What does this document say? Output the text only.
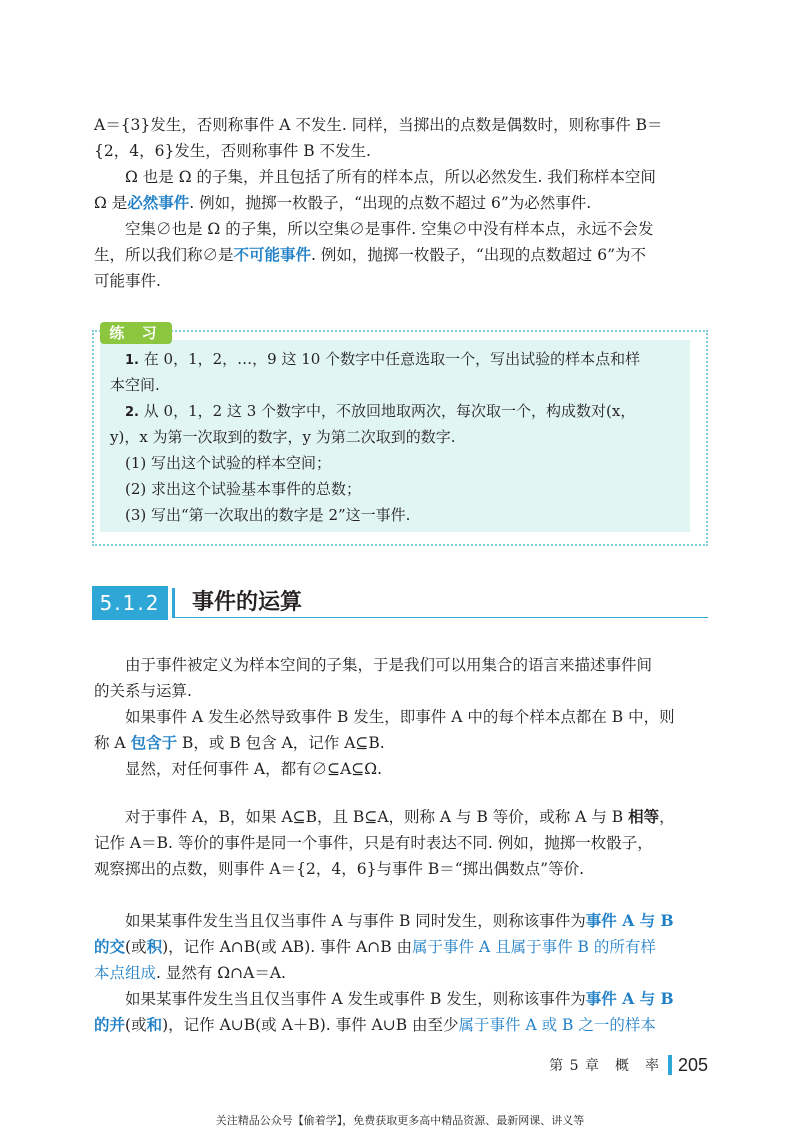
A＝{3}发生，否则称事件 A 不发生. 同样，当掷出的点数是偶数时，则称事件 B＝
{2，4，6}发生，否则称事件 B 不发生.
Ω 也是 Ω 的子集，并且包括了所有的样本点，所以必然发生. 我们称样本空间
Ω 是必然事件. 例如，抛掷一枚骰子，“出现的点数不超过 6”为必然事件.
空集∅也是 Ω 的子集，所以空集∅是事件. 空集∅中没有样本点，永远不会发
生，所以我们称∅是不可能事件. 例如，抛掷一枚骰子，“出现的点数超过 6”为不
可能事件.
练 习
1. 在 0，1，2，…，9 这 10 个数字中任意选取一个，写出试验的样本点和样
本空间.
2. 从 0，1，2 这 3 个数字中，不放回地取两次，每次取一个，构成数对(x，
y)，x 为第一次取到的数字，y 为第二次取到的数字.
(1) 写出这个试验的样本空间；
(2) 求出这个试验基本事件的总数；
(3) 写出“第一次取出的数字是 2”这一事件.
5.1.2	事件的运算
由于事件被定义为样本空间的子集，于是我们可以用集合的语言来描述事件间
的关系与运算.
如果事件 A 发生必然导致事件 B 发生，即事件 A 中的每个样本点都在 B 中，则
称 A 包含于 B，或 B 包含 A，记作 A⊆B.
显然，对任何事件 A，都有∅⊆A⊆Ω.
对于事件 A，B，如果 A⊆B，且 B⊆A，则称 A 与 B 等价，或称 A 与 B 相等，
记作 A＝B. 等价的事件是同一个事件，只是有时表达不同. 例如，抛掷一枚骰子，
观察掷出的点数，则事件 A＝{2，4，6}与事件 B＝“掷出偶数点”等价.
如果某事件发生当且仅当事件 A 与事件 B 同时发生，则称该事件为事件 A 与 B
的交(或积)，记作 A∩B(或 AB). 事件 A∩B 由属于事件 A 且属于事件 B 的所有样
本点组成. 显然有 Ω∩A＝A.
如果某事件发生当且仅当事件 A 发生或事件 B 发生，则称该事件为事件 A 与 B
的并(或和)，记作 A∪B(或 A＋B). 事件 A∪B 由至少属于事件 A 或 B 之一的样本
第 5 章　概　率 205
关注精品公众号【偷着学】，免费获取更多高中精品资源、最新网课、讲义等
